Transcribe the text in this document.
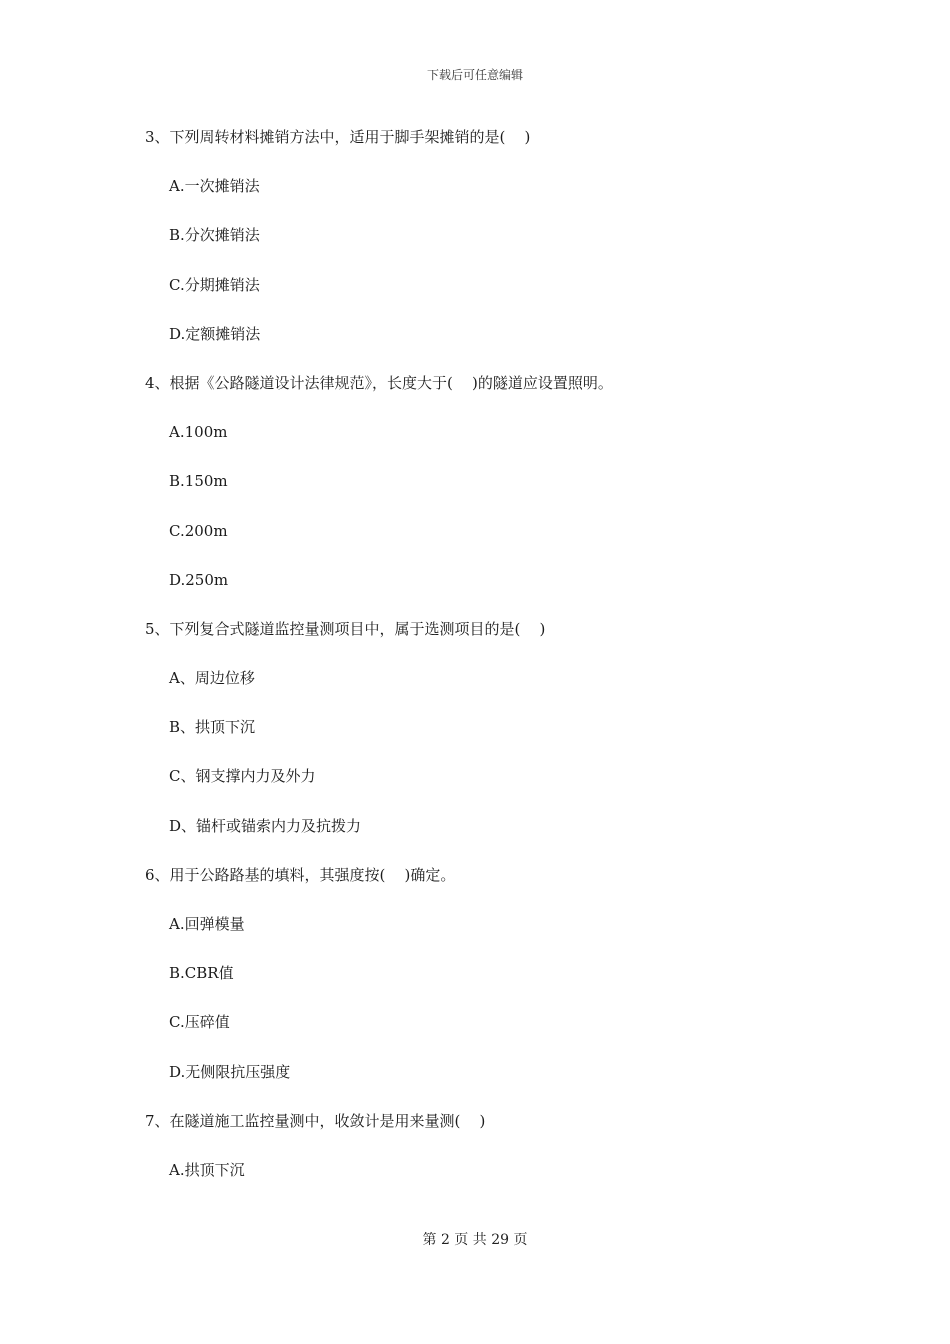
下载后可任意编辑
3、下列周转材料摊销方法中，适用于脚手架摊销的是(    )
A.一次摊销法
B.分次摊销法
C.分期摊销法
D.定额摊销法
4、根据《公路隧道设计法律规范》，长度大于(    )的隧道应设置照明。
A.100m
B.150m
C.200m
D.250m
5、下列复合式隧道监控量测项目中，属于选测项目的是(    )
A、周边位移
B、拱顶下沉
C、钢支撑内力及外力
D、锚杆或锚索内力及抗拨力
6、用于公路路基的填料，其强度按(    )确定。
A.回弹模量
B.CBR值
C.压碎值
D.无侧限抗压强度
7、在隧道施工监控量测中，收敛计是用来量测(    )
A.拱顶下沉
第 2 页 共 29 页
